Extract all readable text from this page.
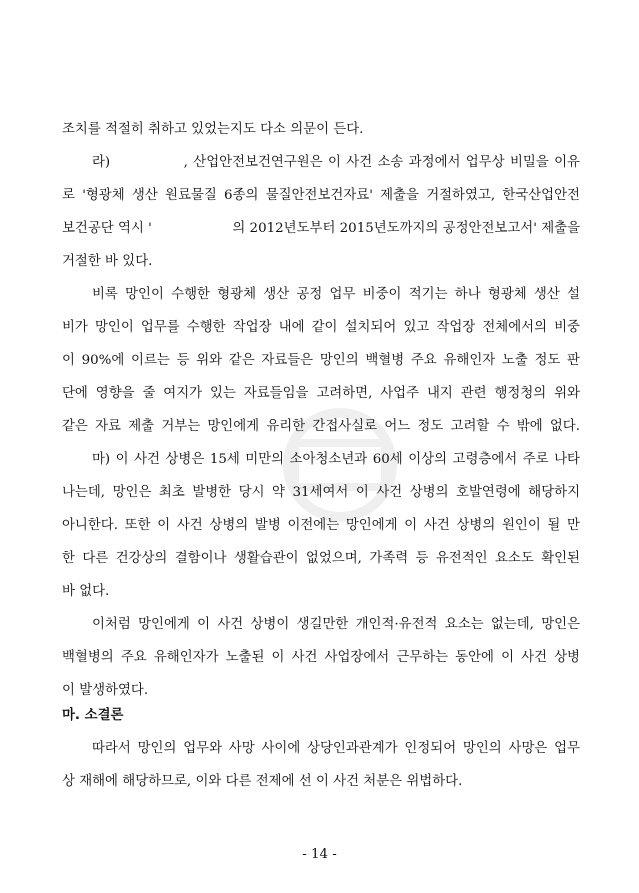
조치를 적절히 취하고 있었는지도 다소 의문이 든다.
라)　　　　　, 산업안전보건연구원은 이 사건 소송 과정에서 업무상 비밀을 이유
로 '형광체 생산 원료물질 6종의 물질안전보건자료' 제출을 거절하였고, 한국산업안전
보건공단 역시 '　　　　　　의 2012년도부터 2015년도까지의 공정안전보고서' 제출을
거절한 바 있다.
비록 망인이 수행한 형광체 생산 공정 업무 비중이 적기는 하나 형광체 생산 설
비가 망인이 업무를 수행한 작업장 내에 같이 설치되어 있고 작업장 전체에서의 비중
이 90%에 이르는 등 위와 같은 자료들은 망인의 백혈병 주요 유해인자 노출 정도 판
단에 영향을 줄 여지가 있는 자료들임을 고려하면, 사업주 내지 관련 행정청의 위와
같은 자료 제출 거부는 망인에게 유리한 간접사실로 어느 정도 고려할 수 밖에 없다.
마) 이 사건 상병은 15세 미만의 소아청소년과 60세 이상의 고령층에서 주로 나타
나는데, 망인은 최초 발병한 당시 약 31세여서 이 사건 상병의 호발연령에 해당하지
아니한다. 또한 이 사건 상병의 발병 이전에는 망인에게 이 사건 상병의 원인이 될 만
한 다른 건강상의 결함이나 생활습관이 없었으며, 가족력 등 유전적인 요소도 확인된
바 없다.
이처럼 망인에게 이 사건 상병이 생길만한 개인적·유전적 요소는 없는데, 망인은
백혈병의 주요 유해인자가 노출된 이 사건 사업장에서 근무하는 동안에 이 사건 상병
이 발생하였다.
마. 소결론
따라서 망인의 업무와 사망 사이에 상당인과관계가 인정되어 망인의 사망은 업무
상 재해에 해당하므로, 이와 다른 전제에 선 이 사건 처분은 위법하다.
- 14 -
